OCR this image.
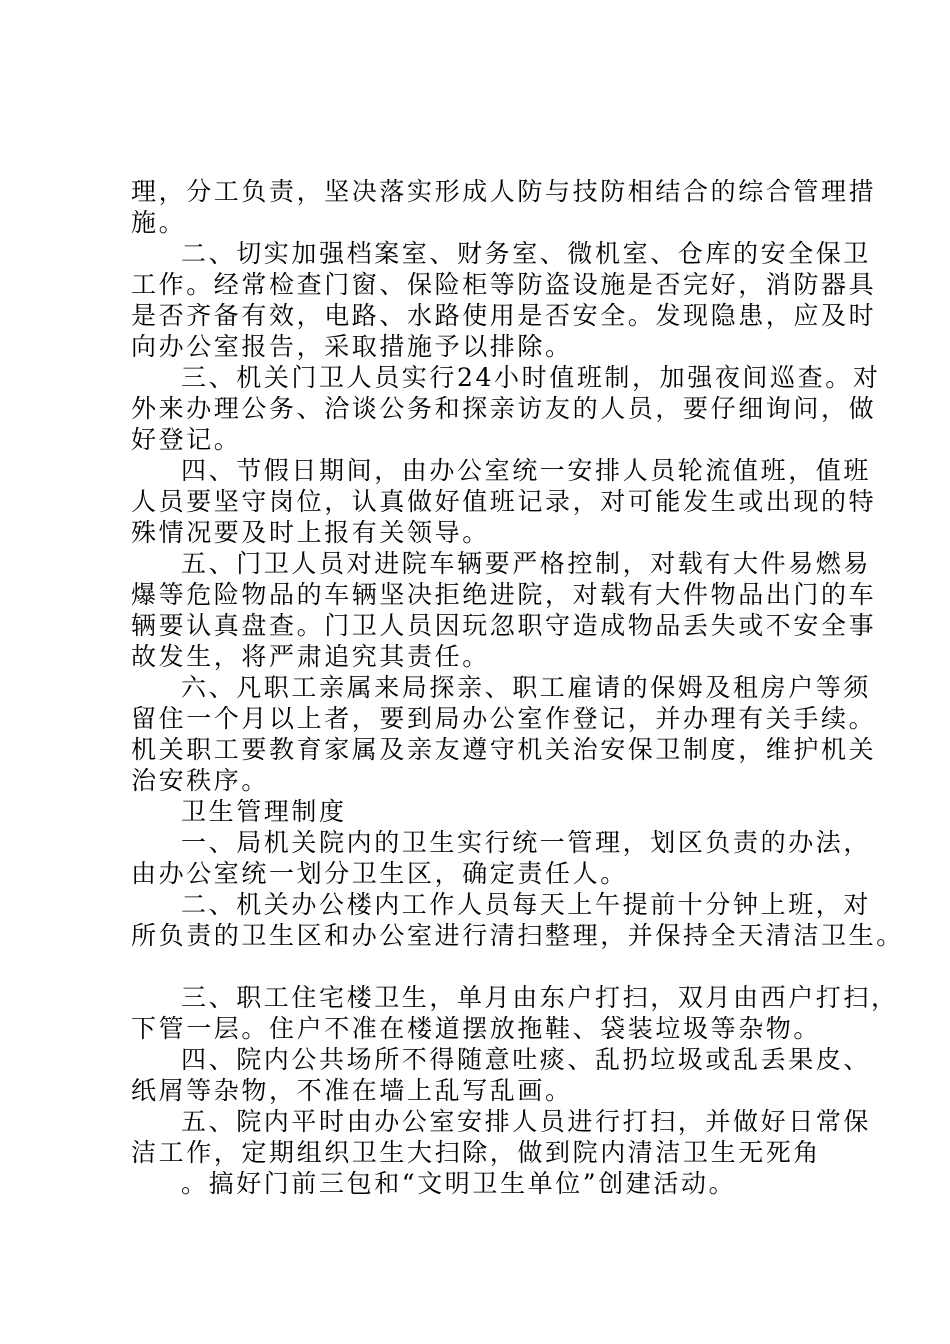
理，分工负责，坚决落实形成人防与技防相结合的综合管理措
施。
二、切实加强档案室、财务室、微机室、仓库的安全保卫
工作。经常检查门窗、保险柜等防盗设施是否完好，消防器具
是否齐备有效，电路、水路使用是否安全。发现隐患，应及时
向办公室报告，采取措施予以排除。
三、机关门卫人员实行24小时值班制，加强夜间巡查。对
外来办理公务、洽谈公务和探亲访友的人员，要仔细询问，做
好登记。
四、节假日期间，由办公室统一安排人员轮流值班，值班
人员要坚守岗位，认真做好值班记录，对可能发生或出现的特
殊情况要及时上报有关领导。
五、门卫人员对进院车辆要严格控制，对载有大件易燃易
爆等危险物品的车辆坚决拒绝进院，对载有大件物品出门的车
辆要认真盘查。门卫人员因玩忽职守造成物品丢失或不安全事
故发生，将严肃追究其责任。
六、凡职工亲属来局探亲、职工雇请的保姆及租房户等须
留住一个月以上者，要到局办公室作登记，并办理有关手续。
机关职工要教育家属及亲友遵守机关治安保卫制度，维护机关
治安秩序。
卫生管理制度
一、局机关院内的卫生实行统一管理，划区负责的办法，
由办公室统一划分卫生区，确定责任人。
二、机关办公楼内工作人员每天上午提前十分钟上班，对
所负责的卫生区和办公室进行清扫整理，并保持全天清洁卫生。
三、职工住宅楼卫生，单月由东户打扫，双月由西户打扫，
下管一层。住户不准在楼道摆放拖鞋、袋装垃圾等杂物。
四、院内公共场所不得随意吐痰、乱扔垃圾或乱丢果皮、
纸屑等杂物，不准在墙上乱写乱画。
五、院内平时由办公室安排人员进行打扫，并做好日常保
洁工作，定期组织卫生大扫除，做到院内清洁卫生无死角
。搞好门前三包和“文明卫生单位”创建活动。
